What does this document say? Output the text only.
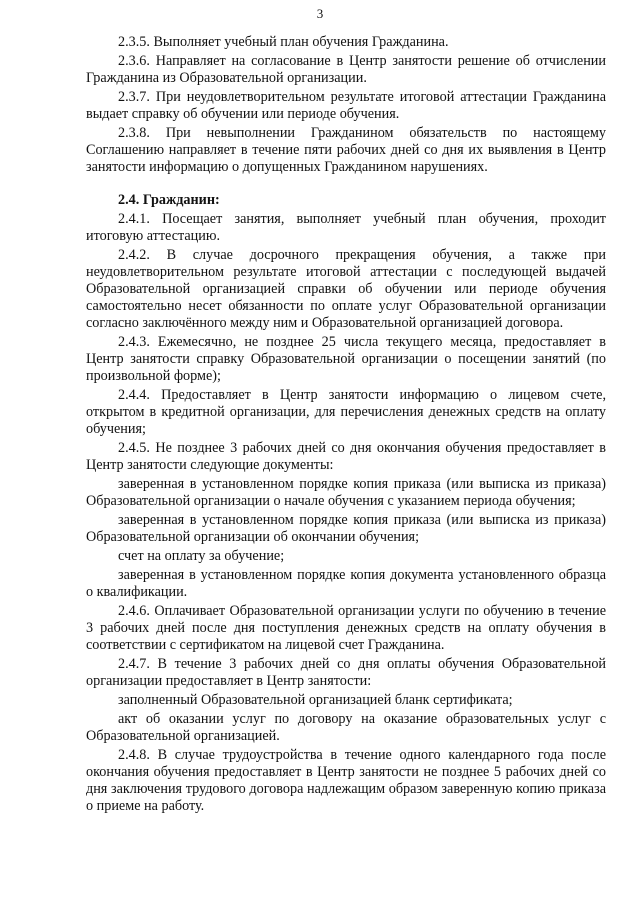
3

2.3.5. Выполняет учебный план обучения Гражданина.

2.3.6. Направляет на согласование в Центр занятости решение об отчислении Гражданина из Образовательной организации.

2.3.7. При неудовлетворительном результате итоговой аттестации Гражданина выдает справку об обучении или периоде обучения.

2.3.8. При невыполнении Гражданином обязательств по настоящему Соглашению направляет в течение пяти рабочих дней со дня их выявления в Центр занятости информацию о допущенных Гражданином нарушениях.

2.4. Гражданин:

2.4.1. Посещает занятия, выполняет учебный план обучения, проходит итоговую аттестацию.

2.4.2. В случае досрочного прекращения обучения, а также при неудовлетворительном результате итоговой аттестации с последующей выдачей Образовательной организацией справки об обучении или периоде обучения самостоятельно несет обязанности по оплате услуг Образовательной организации согласно заключённого между ним и Образовательной организацией договора.

2.4.3. Ежемесячно, не позднее 25 числа текущего месяца, предоставляет в Центр занятости справку Образовательной организации о посещении занятий (по произвольной форме);

2.4.4. Предоставляет в Центр занятости информацию о лицевом счете, открытом в кредитной организации, для перечисления денежных средств на оплату обучения;

2.4.5. Не позднее 3 рабочих дней со дня окончания обучения предоставляет в Центр занятости следующие документы:

заверенная в установленном порядке копия приказа (или выписка из приказа) Образовательной организации о начале обучения с указанием периода обучения;

заверенная в установленном порядке копия приказа (или выписка из приказа) Образовательной организации об окончании обучения;

счет на оплату за обучение;

заверенная в установленном порядке копия документа установленного образца о квалификации.

2.4.6. Оплачивает Образовательной организации услуги по обучению в течение 3 рабочих дней после дня поступления денежных средств на оплату обучения в соответствии с сертификатом на лицевой счет Гражданина.

2.4.7. В течение 3 рабочих дней со дня оплаты обучения Образовательной организации предоставляет в Центр занятости:

заполненный Образовательной организацией бланк сертификата;

акт об оказании услуг по договору на оказание образовательных услуг с Образовательной организацией.

2.4.8. В случае трудоустройства в течение одного календарного года после окончания обучения предоставляет в Центр занятости не позднее 5 рабочих дней со дня заключения трудового договора надлежащим образом заверенную копию приказа о приеме на работу.
